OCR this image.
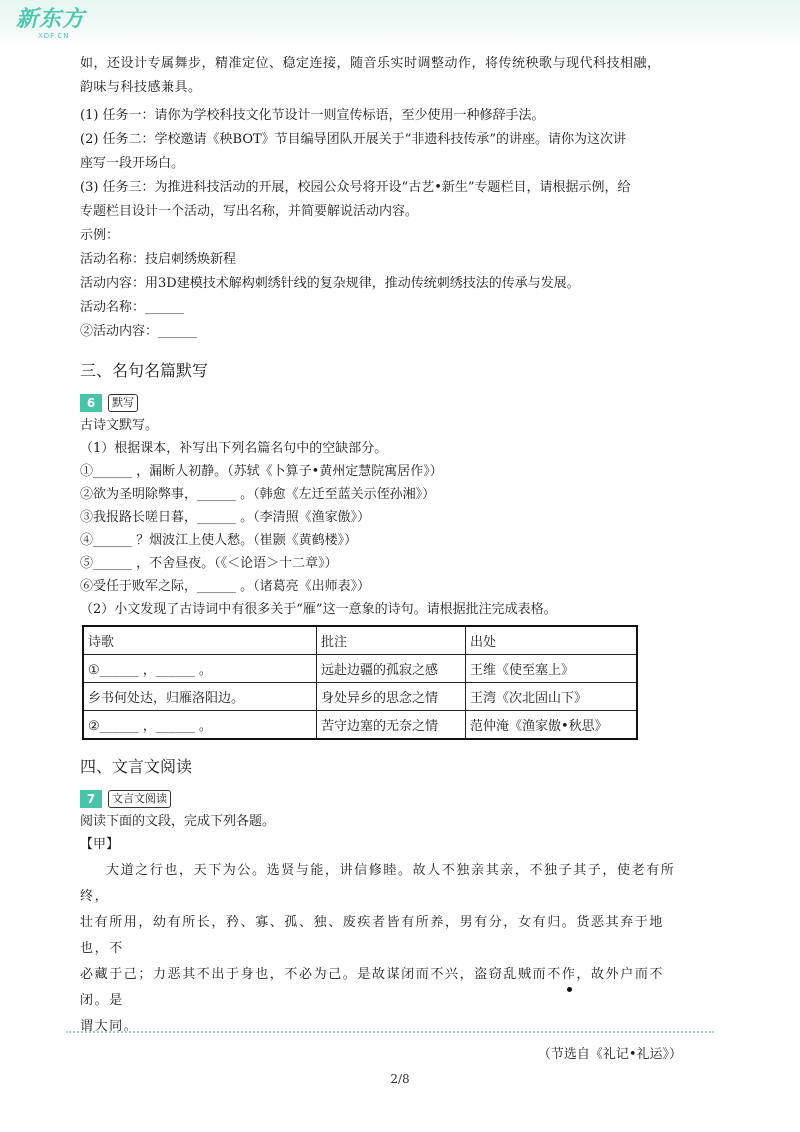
新东方
XDF.CN

如，还设计专属舞步，精准定位、稳定连接，随音乐实时调整动作，将传统秧歌与现代科技相融，

韵味与科技感兼具。

(1) 任务一：请你为学校科技文化节设计一则宣传标语，至少使用一种修辞手法。

(2) 任务二：学校邀请《秧BOT》节目编导团队开展关于“非遗科技传承”的讲座。请你为这次讲

座写一段开场白。

(3) 任务三：为推进科技活动的开展，校园公众号将开设“古艺•新生”专题栏目，请根据示例，给

专题栏目设计一个活动，写出名称，并简要解说活动内容。

示例：

活动名称：技启刺绣焕新程

活动内容：用3D建模技术解构刺绣针线的复杂规律，推动传统刺绣技法的传承与发展。

活动名称：______

②活动内容：______

三、名句名篇默写
6	默写

古诗文默写。

（1）根据课本，补写出下列名篇名句中的空缺部分。

①______ ，漏断人初静。（苏轼《卜算子•黄州定慧院寓居作》）

②欲为圣明除弊事，______ 。（韩愈《左迁至蓝关示侄孙湘》）

③我报路长嗟日暮，______ 。（李清照《渔家傲》）

④______ ？烟波江上使人愁。（崔颢《黄鹤楼》）

⑤______ ，不舍昼夜。（《＜论语＞十二章》）

⑥受任于败军之际，______ 。（诸葛亮《出师表》）

（2）小文发现了古诗词中有很多关于“雁”这一意象的诗句。请根据批注完成表格。

诗歌	批注	出处
①______ ，______ 。	远赴边疆的孤寂之感	王维《使至塞上》
乡书何处达，归雁洛阳边。	身处异乡的思念之情	王湾《次北固山下》
②______ ，______ 。	苦守边塞的无奈之情	范仲淹《渔家傲•秋思》
四、文言文阅读
7	文言文阅读

阅读下面的文段，完成下列各题。

【甲】

大道之行也，天下为公。选贤与能，讲信修睦。故人不独亲其亲，不独子其子，使老有所终，

壮有所用，幼有所长，矜、寡、孤、独、废疾者皆有所养，男有分，女有归。货恶其弃于地也，不

必藏于己；力恶其不出于身也，不必为己。是故谋闭而不兴，盗窃乱贼而不作，故外户而不闭。是

谓大同。

（节选自《礼记•礼运》）

2/8
